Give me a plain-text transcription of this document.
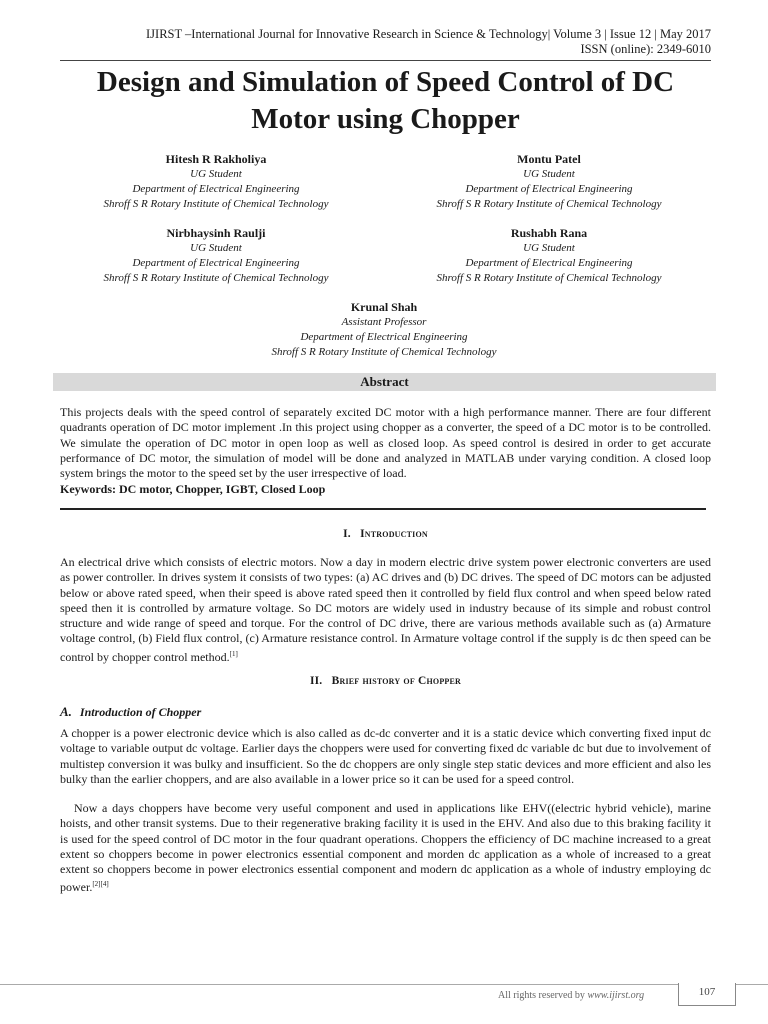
IJIRST –International Journal for Innovative Research in Science & Technology| Volume 3 | Issue 12 | May 2017
ISSN (online): 2349-6010
Design and Simulation of Speed Control of DC
Motor using Chopper
Hitesh R Rakholiya
UG Student
Department of Electrical Engineering
Shroff S R Rotary Institute of Chemical Technology
Montu Patel
UG Student
Department of Electrical Engineering
Shroff S R Rotary Institute of Chemical Technology
Nirbhaysinh Raulji
UG Student
Department of Electrical Engineering
Shroff S R Rotary Institute of Chemical Technology
Rushabh Rana
UG Student
Department of Electrical Engineering
Shroff S R Rotary Institute of Chemical Technology
Krunal Shah
Assistant Professor
Department of Electrical Engineering
Shroff S R Rotary Institute of Chemical Technology
Abstract
This projects deals with the speed control of separately excited DC motor with a high performance manner. There are four different quadrants operation of DC motor implement .In this project using chopper as a converter, the speed of a DC motor is to be controlled. We simulate the operation of DC motor in open loop as well as closed loop. As speed control is desired in order to get accurate performance of DC motor, the simulation of model will be done and analyzed in MATLAB under varying condition. A closed loop system brings the motor to the speed set by the user irrespective of load.
Keywords: DC motor, Chopper, IGBT, Closed Loop
I. Introduction
An electrical drive which consists of electric motors. Now a day in modern electric drive system power electronic converters are used as power controller. In drives system it consists of two types: (a) AC drives and (b) DC drives. The speed of DC motors can be adjusted below or above rated speed, when their speed is above rated speed then it controlled by field flux control and when speed below rated speed then it is controlled by armature voltage. So DC motors are widely used in industry because of its simple and robust control structure and wide range of speed and torque. For the control of DC drive, there are various methods available such as (a) Armature voltage control, (b) Field flux control, (c) Armature resistance control. In Armature voltage control if the supply is dc then speed can be control by chopper control method.[1]
II. Brief history of Chopper
A. Introduction of Chopper
A chopper is a power electronic device which is also called as dc-dc converter and it is a static device which converting fixed input dc voltage to variable output dc voltage. Earlier days the choppers were used for converting fixed dc variable dc but due to involvement of multistep conversion it was bulky and insufficient. So the dc choppers are only single step static devices and more efficient and also les bulky than the earlier choppers, and are also available in a lower price so it can be used for a speed control.
Now a days choppers have become very useful component and used in applications like EHV((electric hybrid vehicle), marine hoists, and other transit systems. Due to their regenerative braking facility it is used in the EHV. And also due to this braking facility it is used for the speed control of DC motor in the four quadrant operations. Choppers the efficiency of DC machine increased to a great extent so choppers become in power electronics essential component and morden dc application as a whole of increased to a great extent so choppers become in power electronics essential component and modern dc application as a whole of industry employing dc power.[2][4]
All rights reserved by www.ijirst.org	107
